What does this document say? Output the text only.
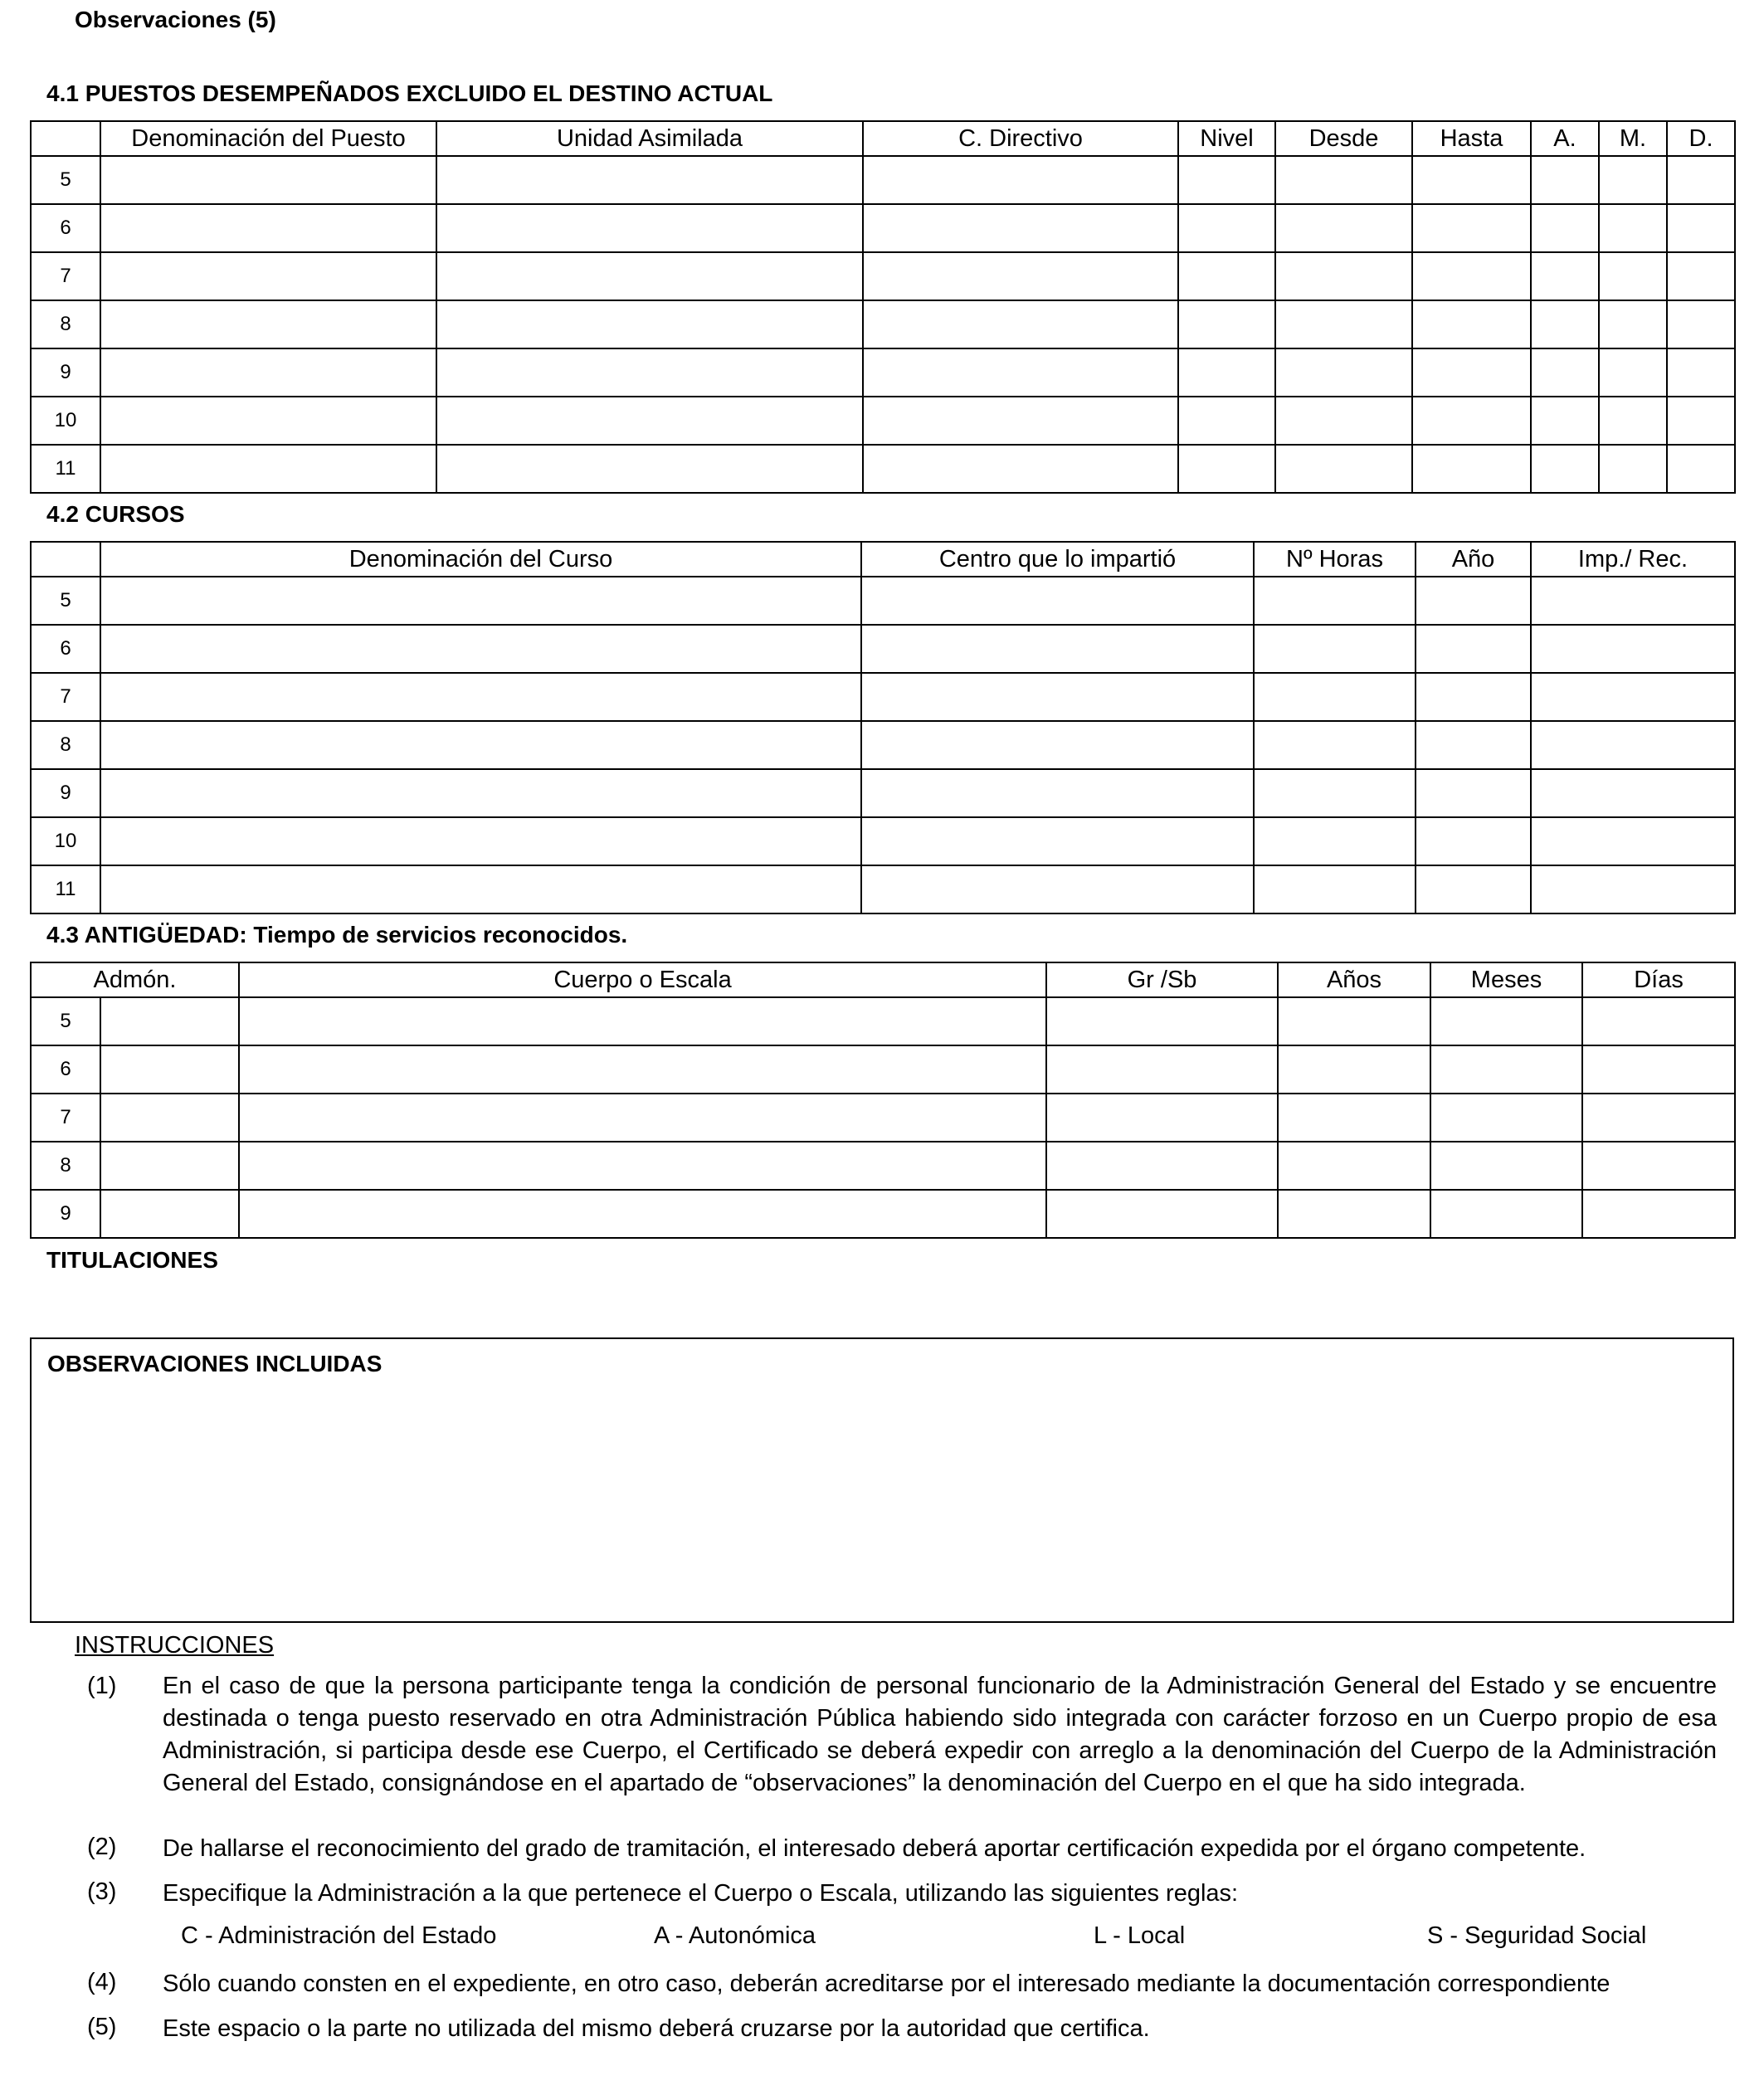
Observaciones (5)
4.1 PUESTOS DESEMPEÑADOS EXCLUIDO EL DESTINO ACTUAL
	Denominación del Puesto	Unidad Asimilada	C. Directivo	Nivel	Desde	Hasta	A.	M.	D.
5									
6									
7									
8									
9									
10									
11									
4.2 CURSOS
	Denominación del Curso	Centro que lo impartió	Nº Horas	Año	Imp./ Rec.
5					
6					
7					
8					
9					
10					
11					
4.3 ANTIGÜEDAD: Tiempo de servicios reconocidos.
Admón.		Cuerpo o Escala	Gr /Sb	Años	Meses	Días
5						
6						
7						
8						
9						
TITULACIONES
OBSERVACIONES INCLUIDAS
INSTRUCCIONES
(1) En el caso de que la persona participante tenga la condición de personal funcionario de la Administración General del Estado y se encuentre destinada o tenga puesto reservado en otra Administración Pública habiendo sido integrada con carácter forzoso en un Cuerpo propio de esa Administración, si participa desde ese Cuerpo, el Certificado se deberá expedir con arreglo a la denominación del Cuerpo de la Administración General del Estado, consignándose en el apartado de “observaciones” la denominación del Cuerpo en el que ha sido integrada.
(2) De hallarse el reconocimiento del grado de tramitación, el interesado deberá aportar certificación expedida por el órgano competente.
(3) Especifique la Administración a la que pertenece el Cuerpo o Escala, utilizando las siguientes reglas:
(4) Sólo cuando consten en el expediente, en otro caso, deberán acreditarse por el interesado mediante la documentación correspondiente
(5) Este espacio o la parte no utilizada del mismo deberá cruzarse por la autoridad que certifica.
C - Administración del Estado	A - Autonómica	L - Local	S - Seguridad Social
